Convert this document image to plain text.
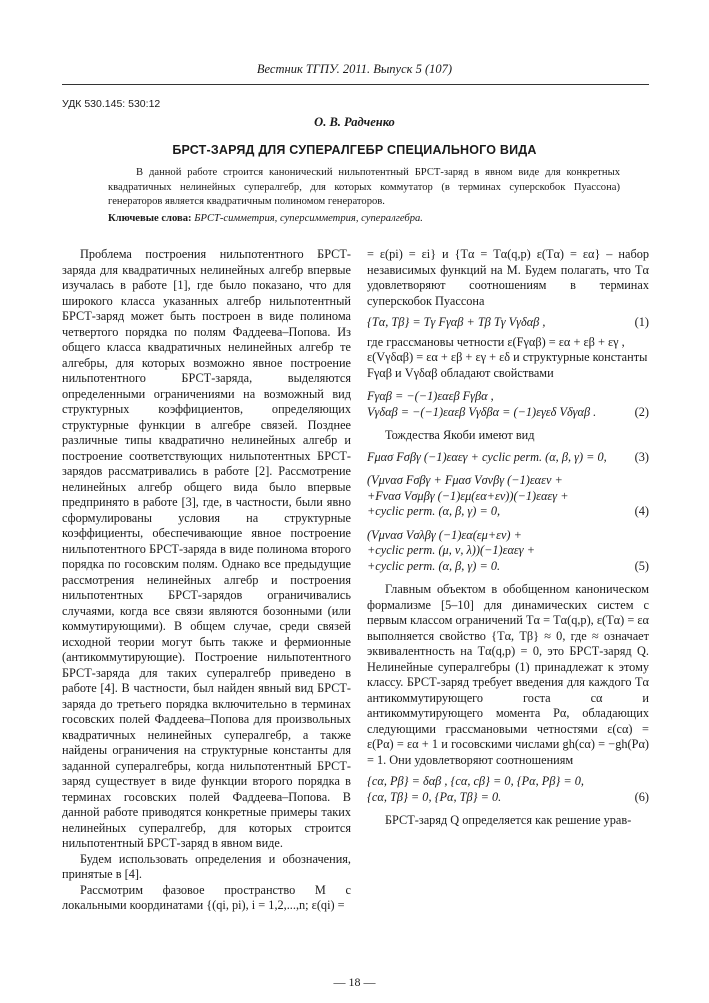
Вестник ТГПУ. 2011. Выпуск 5 (107)
УДК 530.145: 530:12
О. В. Радченко
БРСТ-ЗАРЯД ДЛЯ СУПЕРАЛГЕБР СПЕЦИАЛЬНОГО ВИДА
В данной работе строится канонический нильпотентный БРСТ-заряд в явном виде для конкретных квадратичных нелинейных супералгебр, для которых коммутатор (в терминах суперскобок Пуассона) генераторов является квадратичным полиномом генераторов.
Ключевые слова: БРСТ-симметрия, суперсимметрия, супералгебра.

Проблема построения нильпотентного БРСТ-заряда для квадратичных нелинейных алгебр впервые изучалась в работе [1], где было показано, что для широкого класса указанных алгебр нильпотентный БРСТ-заряд может быть построен в виде полинома четвертого порядка по полям Фаддеева–Попова. Из общего класса квадратичных нелинейных алгебр те алгебры, для которых возможно явное построение нильпотентного БРСТ-заряда, выделяются определенными ограничениями на возможный вид структурных коэффициентов, определяющих структурные функции в алгебре связей. Позднее различные типы квадратично нелинейных алгебр и построение соответствующих нильпотентных БРСТ-зарядов рассматривались в работе [2]. Рассмотрение нелинейных алгебр общего вида было впервые предпринято в работе [3], где, в частности, были явно сформулированы условия на структурные коэффициенты, обеспечивающие явное построение нильпотентного БРСТ-заряда в виде полинома второго порядка по госовским полям. Однако все предыдущие рассмотрения нелинейных алгебр и построения нильпотентных БРСТ-зарядов ограничивались случаями, когда все связи являются бозонными (или коммутирующими). В общем случае, среди связей исходной теории могут быть также и фермионные (антикоммутирующие). Построение нильпотентного БРСТ-заряда для таких супералгебр приведено в работе [4]. В частности, был найден явный вид БРСТ-заряда до третьего порядка включительно в терминах госовских полей Фаддеева–Попова для произвольных квадратичных нелинейных супералгебр, а также найдены ограничения на структурные константы для заданной супералгебры, когда нильпотентный БРСТ-заряд существует в виде функции второго порядка в терминах госовских полей Фаддеева–Попова. В данной работе приводятся конкретные примеры таких нелинейных супералгебр, для которых строится нильпотентный БРСТ-заряд в явном виде.

Будем использовать определения и обозначения, принятые в [4].

Рассмотрим фазовое пространство M с локальными координатами {(qi, pi), i = 1,2,...,n; ε(qi) =

= ε(pi) = εi} и {Tα = Tα(q,p) ε(Tα) = εα} – набор независимых функций на M. Будем полагать, что Tα удовлетворяют соотношениям в терминах суперскобок Пуассона

{Tα, Tβ} = Tγ Fγαβ + Tβ Tγ Vγδαβ ,	(1)

где грассмановы четности ε(Fγαβ) = εα + εβ + εγ ,

ε(Vγδαβ) = εα + εβ + εγ + εδ и структурные константы

Fγαβ и Vγδαβ обладают свойствами

Fγαβ = −(−1)εαεβ Fγβα ,
Vγδαβ = −(−1)εαεβ Vγδβα = (−1)εγεδ Vδγαβ .	(2)

Тождества Якоби имеют вид

Fμασ Fσβγ (−1)εαεγ + cyclic perm. (α, β, γ) = 0, (3)
(Vμνασ Fσβγ + Fμασ Vσνβγ (−1)εαεν +
+Fνασ Vσμβγ (−1)εμ(εα+εν))(−1)εαεγ +
+cyclic perm. (α, β, γ) = 0,	(4)
(Vμνασ Vσλβγ (−1)εα(εμ+εν) +
+cyclic perm. (μ, ν, λ))(−1)εαεγ +
+cyclic perm. (α, β, γ) = 0.	(5)

Главным объектом в обобщенном каноническом формализме [5–10] для динамических систем с первым классом ограничений Tα = Tα(q,p), ε(Tα) = εα выполняется свойство {Tα, Tβ} ≈ 0, где ≈ означает эквивалентность на Tα(q,p) = 0, это БРСТ-заряд Q. Нелинейные супералгебры (1) принадлежат к этому классу. БРСТ-заряд требует введения для каждого Tα антикоммутирующего госта cα и антикоммутирующего момента Pα, обладающих следующими грассмановыми четностями ε(cα) = ε(Pα) = εα + 1 и госовскими числами gh(cα) = −gh(Pα) = 1. Они удовлетворяют соотношениям

{cα, Pβ} = δαβ , {cα, cβ} = 0, {Pα, Pβ} = 0,
{cα, Tβ} = 0, {Pα, Tβ} = 0.	(6)

БРСТ-заряд Q определяется как решение урав-

— 18 —
